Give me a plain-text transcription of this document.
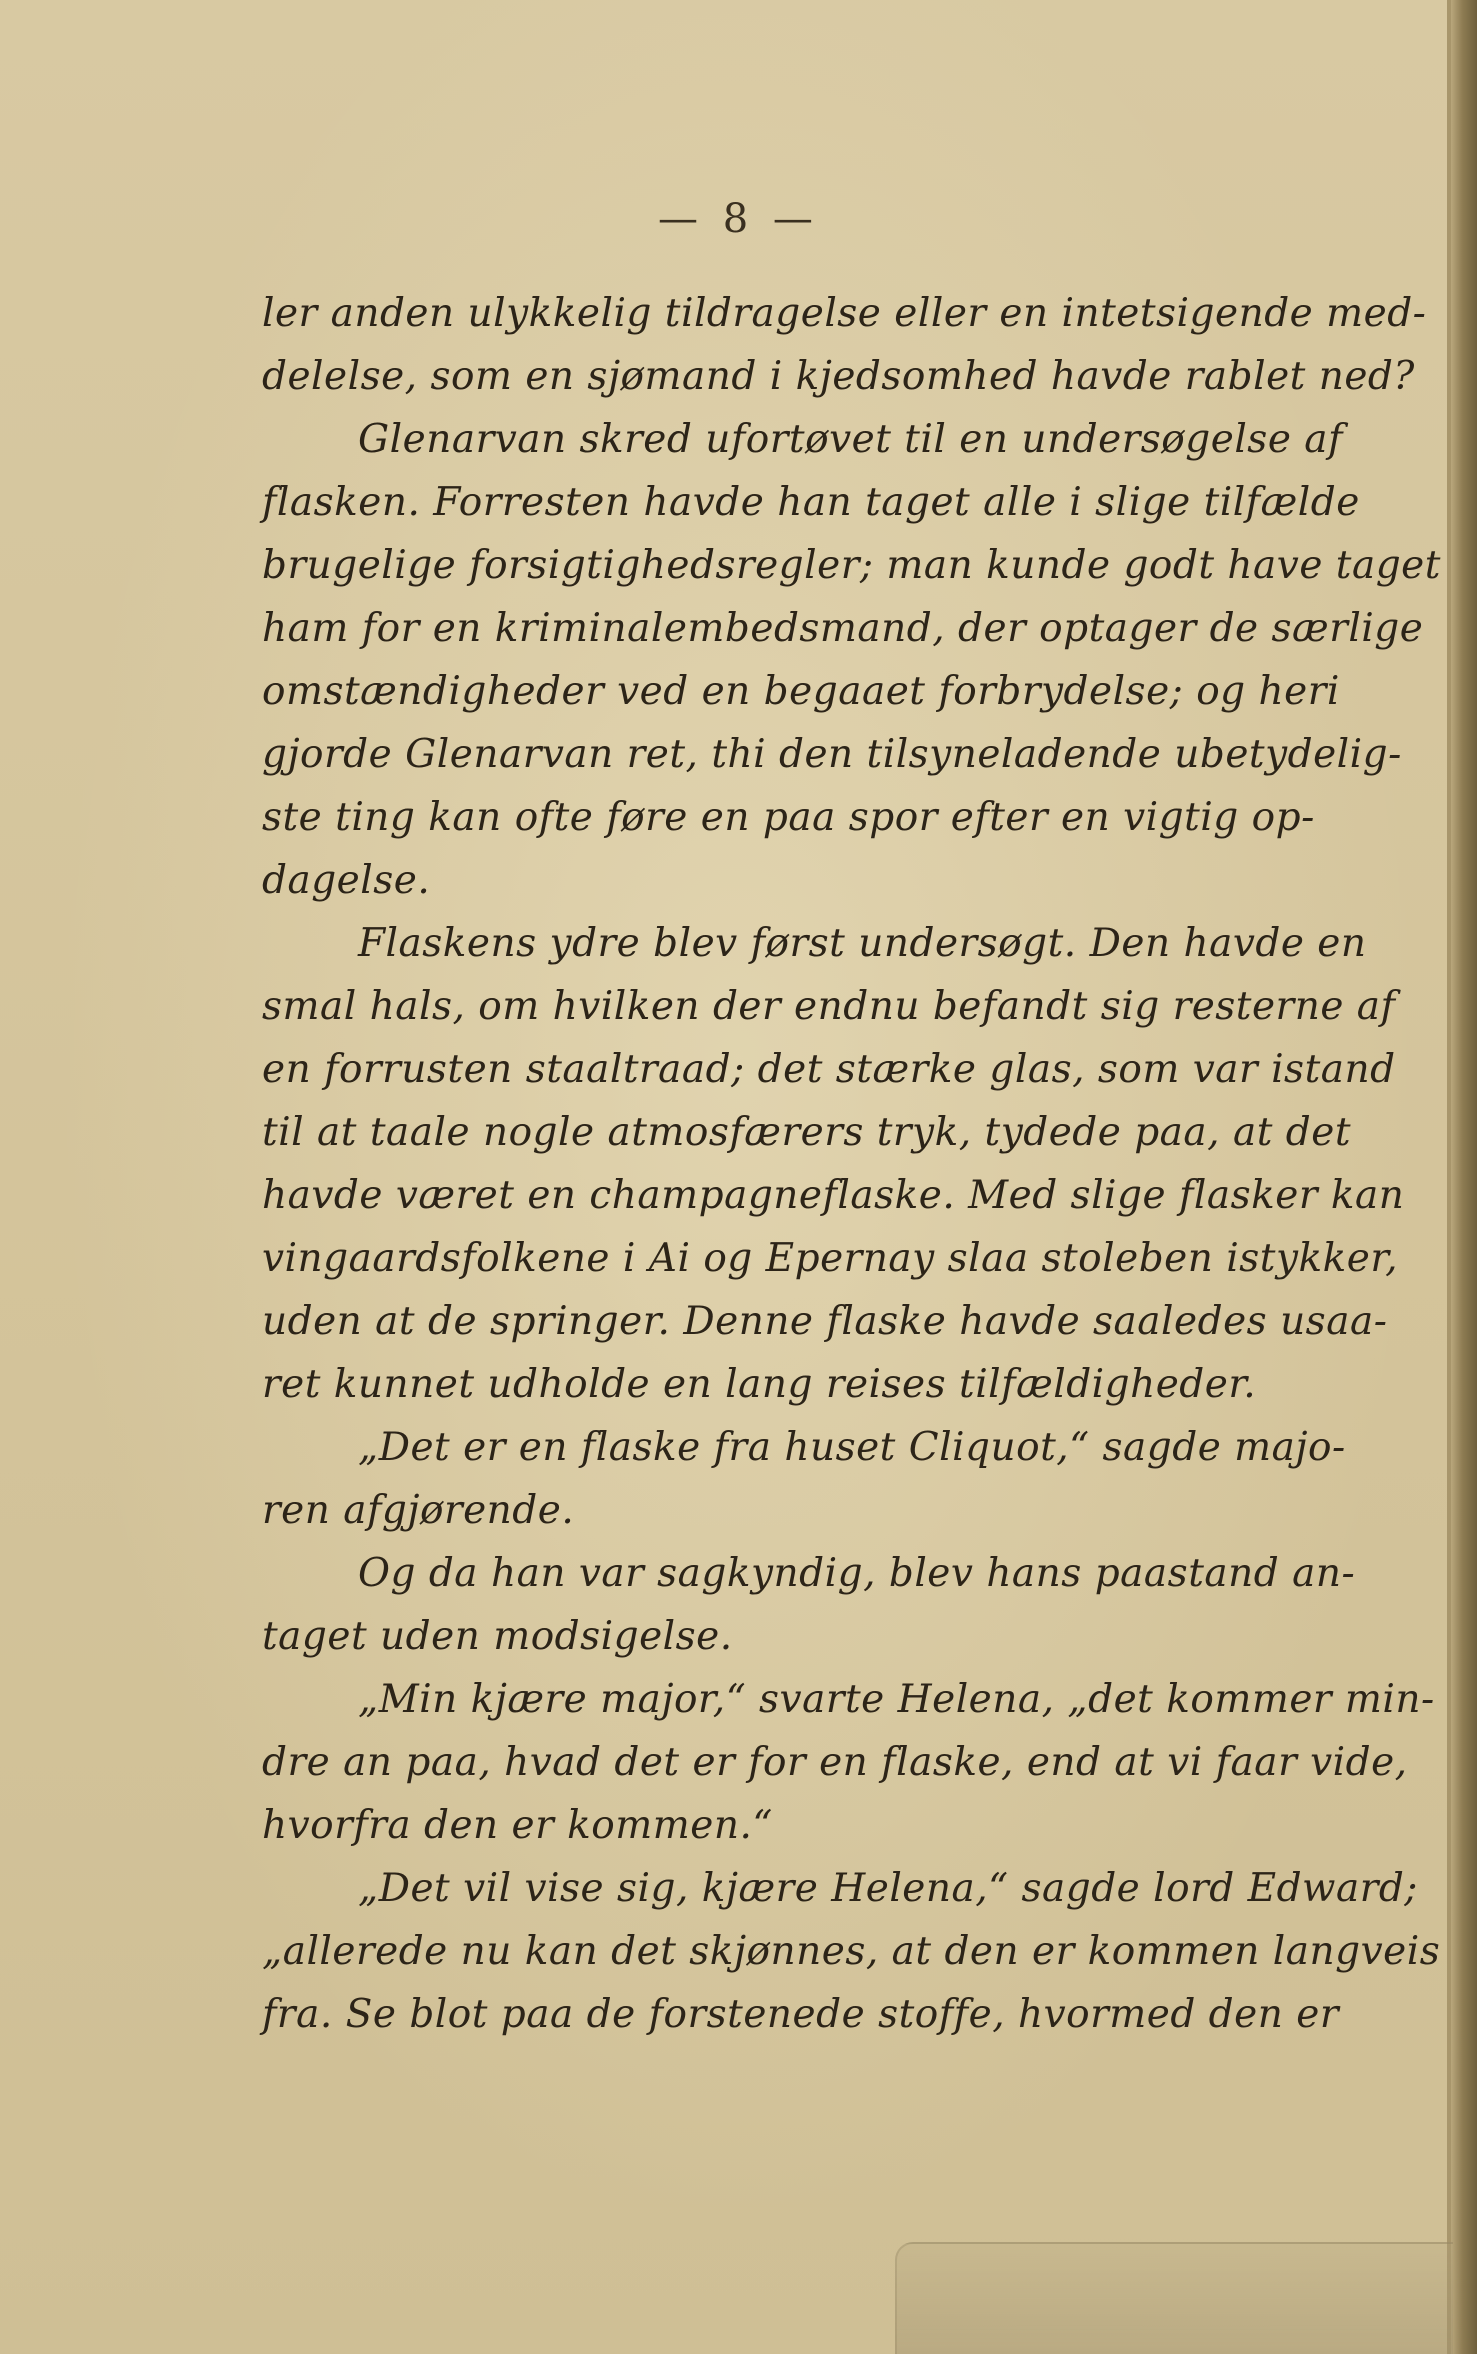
— 8 —
ler anden ulykkelig tildragelse eller en intetsigende med-
delelse, som en sjømand i kjedsomhed havde rablet ned?
Glenarvan skred ufortøvet til en undersøgelse af
flasken. Forresten havde han taget alle i slige tilfælde
brugelige forsigtighedsregler; man kunde godt have taget
ham for en kriminalembedsmand, der optager de særlige
omstændigheder ved en begaaet forbrydelse; og heri
gjorde Glenarvan ret, thi den tilsyneladende ubetydelig-
ste ting kan ofte føre en paa spor efter en vigtig op-
dagelse.
Flaskens ydre blev først undersøgt. Den havde en
smal hals, om hvilken der endnu befandt sig resterne af
en forrusten staaltraad; det stærke glas, som var istand
til at taale nogle atmosfærers tryk, tydede paa, at det
havde været en champagneflaske. Med slige flasker kan
vingaardsfolkene i Ai og Epernay slaa stoleben istykker,
uden at de springer. Denne flaske havde saaledes usaa-
ret kunnet udholde en lang reises tilfældigheder.
„Det er en flaske fra huset Cliquot,“ sagde majo-
ren afgjørende.
Og da han var sagkyndig, blev hans paastand an-
taget uden modsigelse.
„Min kjære major,“ svarte Helena, „det kommer min-
dre an paa, hvad det er for en flaske, end at vi faar vide,
hvorfra den er kommen.“
„Det vil vise sig, kjære Helena,“ sagde lord Edward;
„allerede nu kan det skjønnes, at den er kommen langveis
fra. Se blot paa de forstenede stoffe, hvormed den er
